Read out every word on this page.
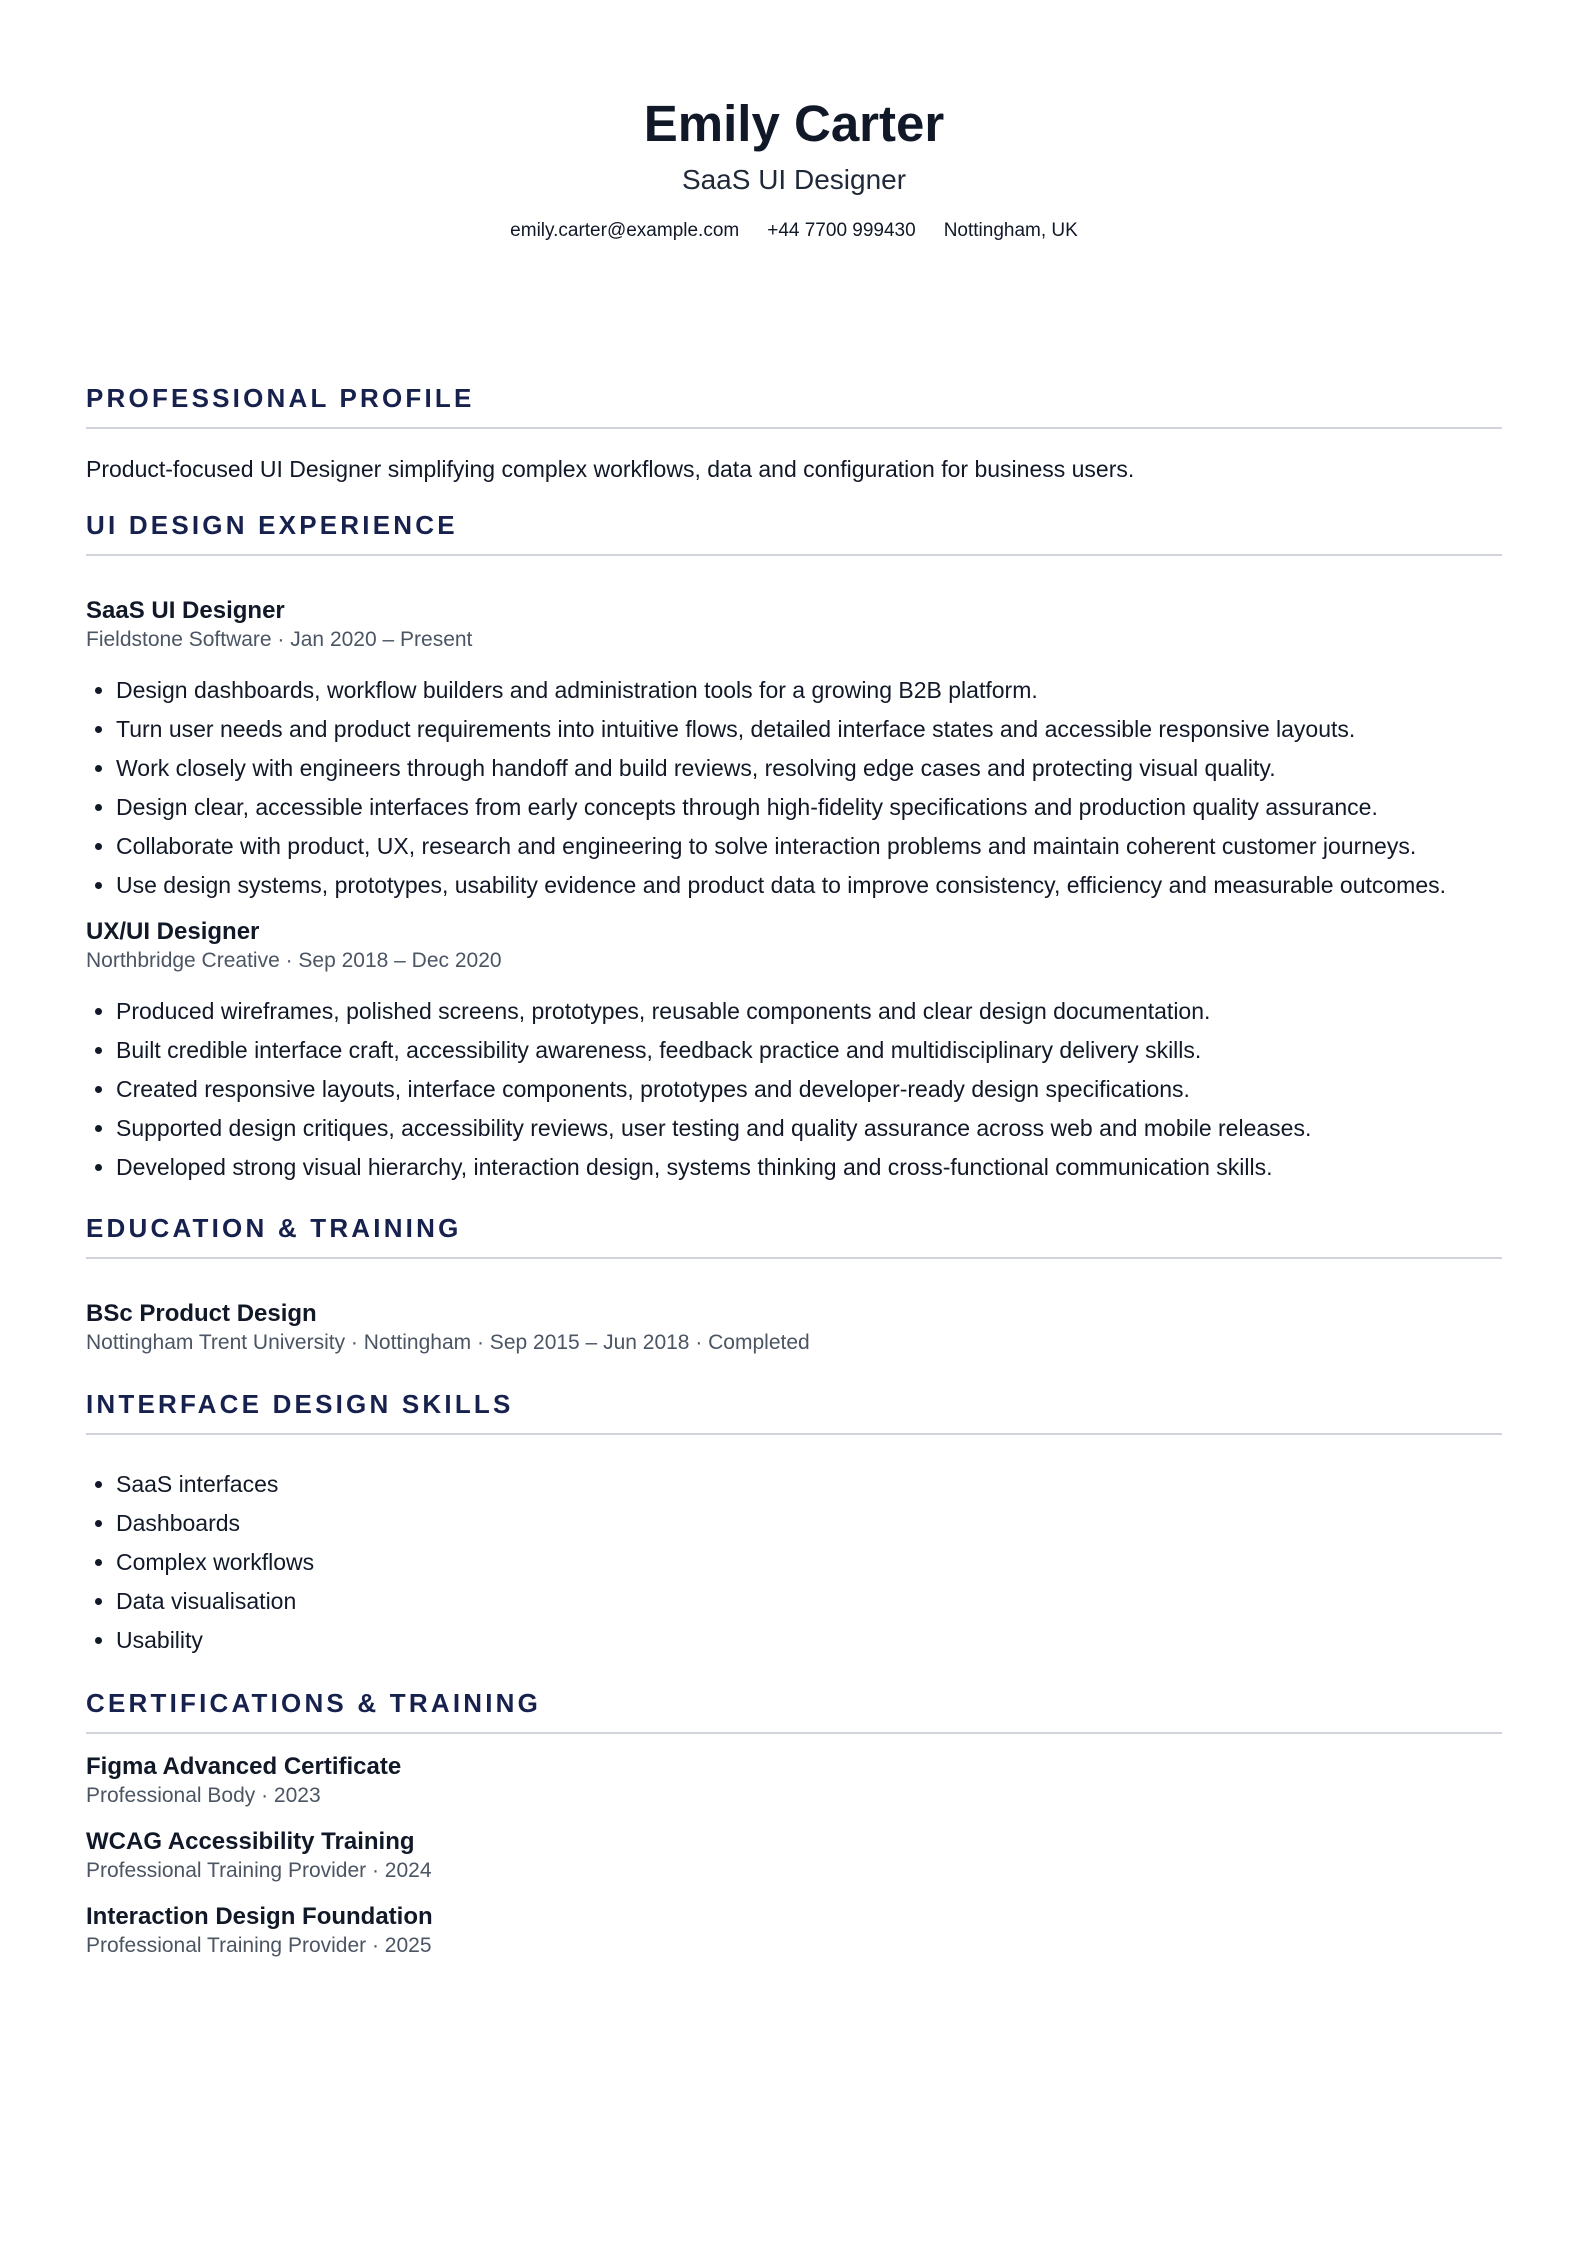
Emily Carter
SaaS UI Designer
emily.carter@example.com +44 7700 999430 Nottingham, UK
PROFESSIONAL PROFILE

Product-focused UI Designer simplifying complex workflows, data and configuration for business users.

UI DESIGN EXPERIENCE
SaaS UI Designer
Fieldstone Software · Jan 2020 – Present
• Design dashboards, workflow builders and administration tools for a growing B2B platform.
• Turn user needs and product requirements into intuitive flows, detailed interface states and accessible responsive layouts.
• Work closely with engineers through handoff and build reviews, resolving edge cases and protecting visual quality.
• Design clear, accessible interfaces from early concepts through high-fidelity specifications and production quality assurance.
• Collaborate with product, UX, research and engineering to solve interaction problems and maintain coherent customer journeys.
• Use design systems, prototypes, usability evidence and product data to improve consistency, efficiency and measurable outcomes.
UX/UI Designer
Northbridge Creative · Sep 2018 – Dec 2020
• Produced wireframes, polished screens, prototypes, reusable components and clear design documentation.
• Built credible interface craft, accessibility awareness, feedback practice and multidisciplinary delivery skills.
• Created responsive layouts, interface components, prototypes and developer-ready design specifications.
• Supported design critiques, accessibility reviews, user testing and quality assurance across web and mobile releases.
• Developed strong visual hierarchy, interaction design, systems thinking and cross-functional communication skills.
EDUCATION & TRAINING
BSc Product Design
Nottingham Trent University · Nottingham · Sep 2015 – Jun 2018 · Completed
INTERFACE DESIGN SKILLS
• SaaS interfaces
• Dashboards
• Complex workflows
• Data visualisation
• Usability
CERTIFICATIONS & TRAINING
Figma Advanced Certificate
Professional Body · 2023
WCAG Accessibility Training
Professional Training Provider · 2024
Interaction Design Foundation
Professional Training Provider · 2025
